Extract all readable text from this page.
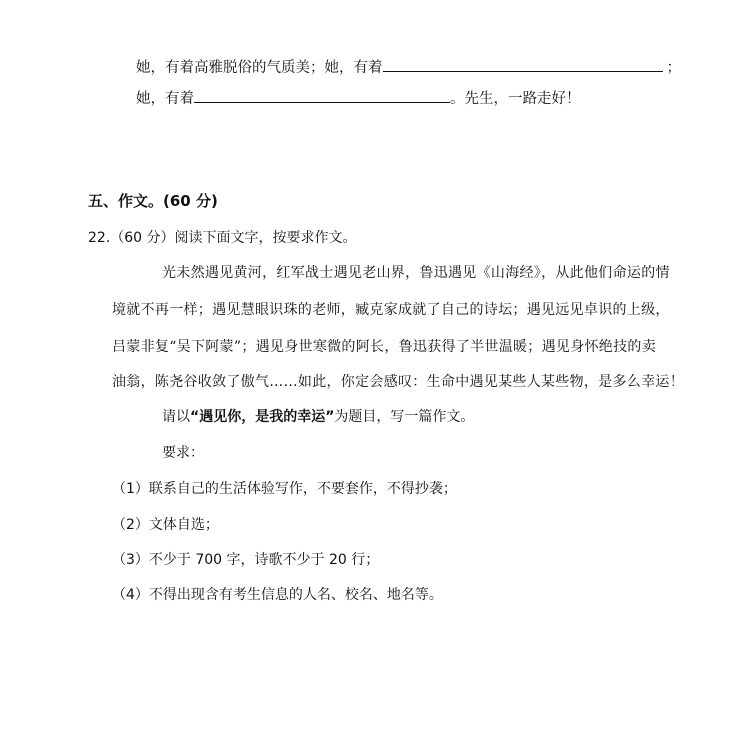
她，有着高雅脱俗的气质美；她，有着	；
她，有着	。先生，一路走好！
五、作文。(60 分)
22.（60 分）阅读下面文字，按要求作文。
光未然遇见黄河，红军战士遇见老山界，鲁迅遇见《山海经》，从此他们命运的情
境就不再一样；遇见慧眼识珠的老师，臧克家成就了自己的诗坛；遇见远见卓识的上级，
吕蒙非复“吴下阿蒙”；遇见身世寒微的阿长，鲁迅获得了半世温暖；遇见身怀绝技的卖
油翁，陈尧谷收敛了傲气……如此，你定会感叹：生命中遇见某些人某些物，是多么幸运！
请以“遇见你，是我的幸运”为题目，写一篇作文。
要求：
（1）联系自己的生活体验写作，不要套作，不得抄袭；
（2）文体自选；
（3）不少于 700 字，诗歌不少于 20 行；
（4）不得出现含有考生信息的人名、校名、地名等。
